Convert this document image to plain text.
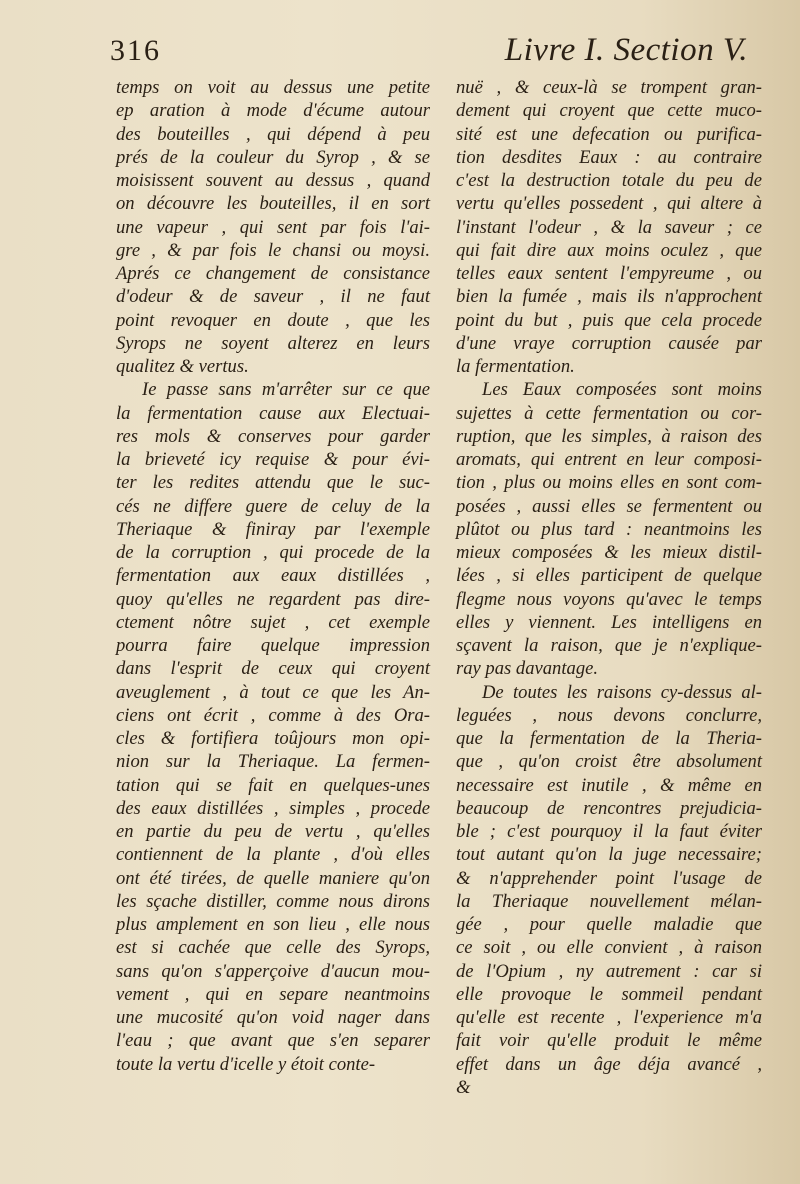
316	Livre I. Section V.
temps on voit au dessus une petite
ep aration à mode d'écume autour
des bouteilles , qui dépend à peu
prés de la couleur du Syrop , & se
moisissent souvent au dessus , quand
on découvre les bouteilles, il en sort
une vapeur , qui sent par fois l'ai-
gre , & par fois le chansi ou moysi.
Aprés ce changement de consistance
d'odeur & de saveur , il ne faut
point revoquer en doute , que les
Syrops ne soyent alterez en leurs
qualitez & vertus.
Ie passe sans m'arrêter sur ce que
la fermentation cause aux Electuai-
res mols & conserves pour garder
la brieveté icy requise & pour évi-
ter les redites attendu que le suc-
cés ne differe guere de celuy de la
Theriaque & finiray par l'exemple
de la corruption , qui procede de la
fermentation aux eaux distillées ,
quoy qu'elles ne regardent pas dire-
ctement nôtre sujet , cet exemple
pourra faire quelque impression
dans l'esprit de ceux qui croyent
aveuglement , à tout ce que les An-
ciens ont écrit , comme à des Ora-
cles & fortifiera toûjours mon opi-
nion sur la Theriaque. La fermen-
tation qui se fait en quelques-unes
des eaux distillées , simples , procede
en partie du peu de vertu , qu'elles
contiennent de la plante , d'où elles
ont été tirées, de quelle maniere qu'on
les sçache distiller, comme nous dirons
plus amplement en son lieu , elle nous
est si cachée que celle des Syrops,
sans qu'on s'apperçoive d'aucun mou-
vement , qui en separe neantmoins
une mucosité qu'on void nager dans
l'eau ; que avant que s'en separer
toute la vertu d'icelle y étoit conte-
nuë , & ceux-là se trompent gran-
dement qui croyent que cette muco-
sité est une defecation ou purifica-
tion desdites Eaux : au contraire
c'est la destruction totale du peu de
vertu qu'elles possedent , qui altere à
l'instant l'odeur , & la saveur ; ce
qui fait dire aux moins oculez , que
telles eaux sentent l'empyreume , ou
bien la fumée , mais ils n'approchent
point du but , puis que cela procede
d'une vraye corruption causée par
la fermentation.
Les Eaux composées sont moins
sujettes à cette fermentation ou cor-
ruption, que les simples, à raison des
aromats, qui entrent en leur composi-
tion , plus ou moins elles en sont com-
posées , aussi elles se fermentent ou
plûtot ou plus tard : neantmoins les
mieux composées & les mieux distil-
lées , si elles participent de quelque
flegme nous voyons qu'avec le temps
elles y viennent. Les intelligens en
sçavent la raison, que je n'explique-
ray pas davantage.
De toutes les raisons cy-dessus al-
leguées , nous devons conclurre,
que la fermentation de la Theria-
que , qu'on croist être absolument
necessaire est inutile , & même en
beaucoup de rencontres prejudicia-
ble ; c'est pourquoy il la faut éviter
tout autant qu'on la juge necessaire;
& n'apprehender point l'usage de
la Theriaque nouvellement mélan-
gée , pour quelle maladie que
ce soit , ou elle convient , à raison
de l'Opium , ny autrement : car si
elle provoque le sommeil pendant
qu'elle est recente , l'experience m'a
fait voir qu'elle produit le même
effet dans un âge déja avancé ,
&
